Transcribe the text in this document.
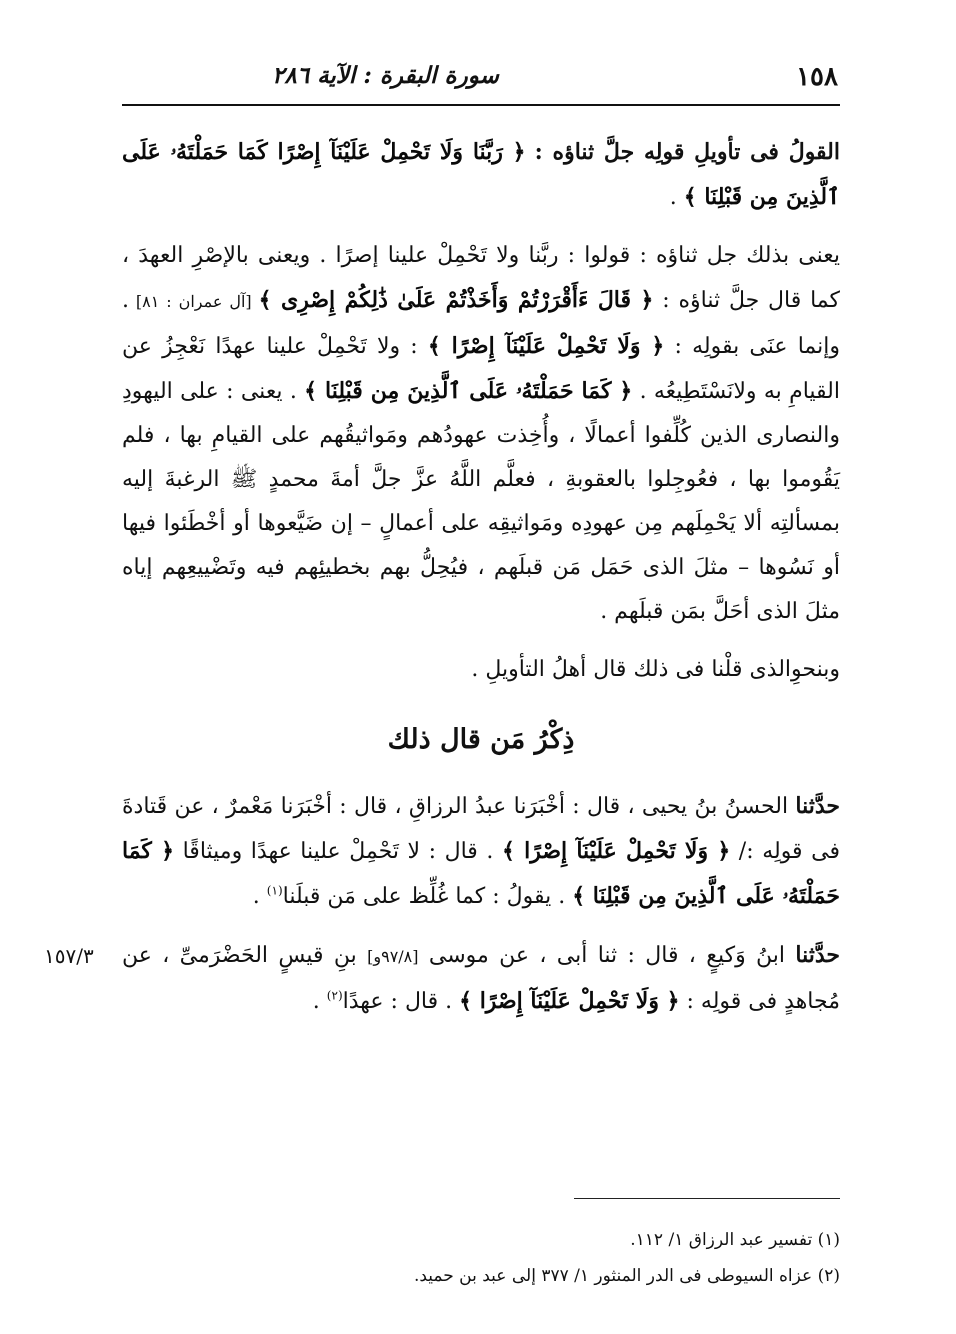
١٥٨
سورة البقرة : الآية ٢٨٦

القولُ فى تأويلِ قولِه جلَّ ثناؤه : ﴿ رَبَّنَا وَلَا تَحْمِلْ عَلَيْنَآ إِصْرًا كَمَا حَمَلْتَهُۥ عَلَى ٱلَّذِينَ مِن قَبْلِنَا ﴾ .

يعنى بذلك جل ثناؤه : قولوا : ربَّنا ولا تَحْمِلْ علينا إصرًا . ويعنى بالإصْرِ العهدَ ، كما قال جلَّ ثناؤه : ﴿ قَالَ ءَأَقْرَرْتُمْ وَأَخَذْتُمْ عَلَىٰ ذَٰلِكُمْ إِصْرِى ﴾ [آل عمران : ٨١] . وإنما عنَى بقولِه : ﴿ وَلَا تَحْمِلْ عَلَيْنَآ إِصْرًا ﴾ : ولا تَحْمِلْ علينا عهدًا نَعْجِزُ عن القيامِ به ولانَسْتَطِيعُه . ﴿ كَمَا حَمَلْتَهُۥ عَلَى ٱلَّذِينَ مِن قَبْلِنَا ﴾ . يعنى : على اليهودِ والنصارى الذين كُلِّفوا أعمالًا ، وأُخِذت عهودُهم ومَواثيقُهم على القيامِ بها ، فلم يَقُوموا بها ، فعُوجِلوا بالعقوبةِ ، فعلَّم اللَّهُ عزَّ جلَّ أمةَ محمدٍ ﷺ الرغبةَ إليه بمسألتِه ألا يَحْمِلَهم مِن عهودِه ومَواثيقِه على أعمالٍ – إن ضَيَّعوها أو أخْطَئوا فيها أو نَسُوها – مثلَ الذى حَمَل مَن قبلَهم ، فيُحِلُّ بهم بخطيئِهم فيه وتَضْييعِهم إياه مثلَ الذى أحَلَّ بمَن قبلَهم .

وبنحوِالذى قلْنا فى ذلك قال أهلُ التأويلِ .

ذِكْرُ مَن قال ذلك

حدَّثنا الحسنُ بنُ يحيى ، قال : أخْبَرَنا عبدُ الرزاقِ ، قال : أخْبَرَنا مَعْمرٌ ، عن قَتادةَ فى قولِه :/ ﴿ وَلَا تَحْمِلْ عَلَيْنَآ إِصْرًا ﴾ . قال : لا تَحْمِلْ علينا عهدًا وميثاقًا ﴿ كَمَا حَمَلْتَهُۥ عَلَى ٱلَّذِينَ مِن قَبْلِنَا ﴾ . يقولُ : كما غُلِّظ على مَن قبلَنا$^{(١)}$ .

حدَّثنا ابنُ وَكيعٍ ، قال : ثنا أبى ، عن موسى [٩٧/٨و] بنِ قيسٍ الحَضْرَمىِّ ، عن مُجاهدٍ فى قولِه : ﴿ وَلَا تَحْمِلْ عَلَيْنَآ إِصْرًا ﴾ . قال : عهدًا$^{(٢)}$ .

١٥٧/٣

(١) تفسير عبد الرزاق ١/ ١١٢.

(٢) عزاه السيوطى فى الدر المنثور ١/ ٣٧٧ إلى عبد بن حميد.
